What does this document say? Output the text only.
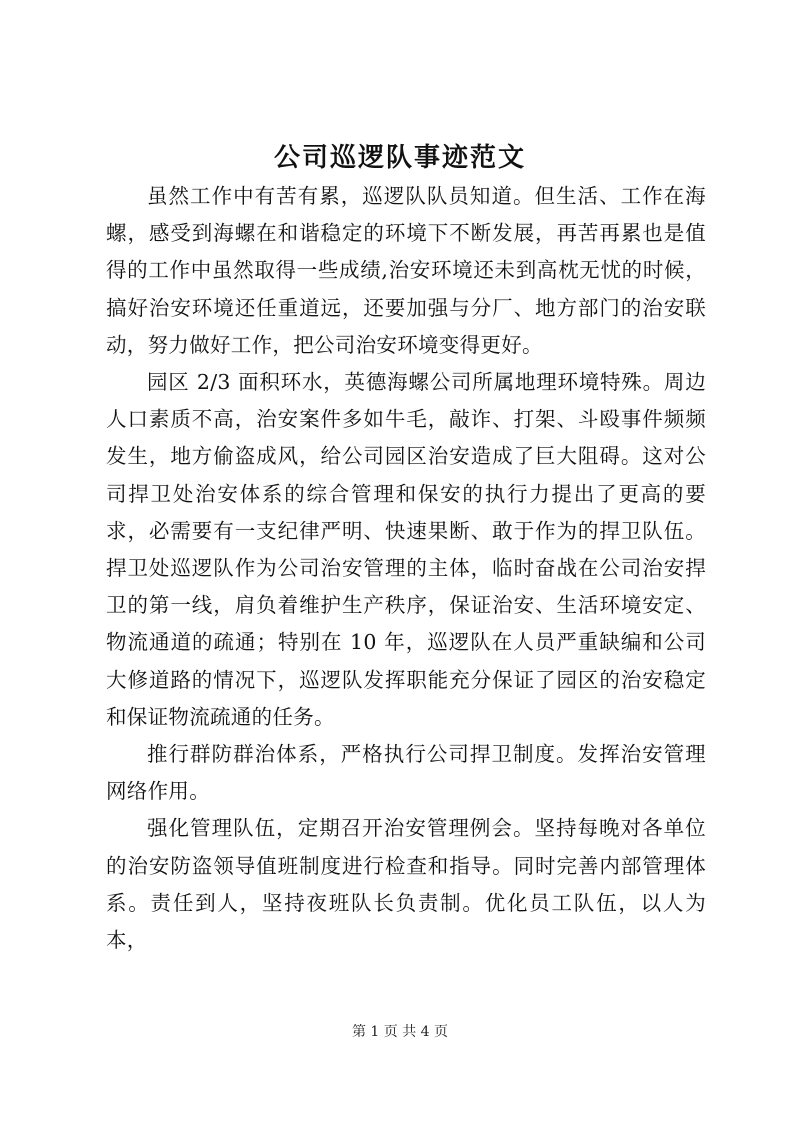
公司巡逻队事迹范文

虽然工作中有苦有累，巡逻队队员知道。但生活、工作在海螺，感受到海螺在和谐稳定的环境下不断发展，再苦再累也是值得的工作中虽然取得一些成绩,治安环境还未到高枕无忧的时候，搞好治安环境还任重道远，还要加强与分厂、地方部门的治安联动，努力做好工作，把公司治安环境变得更好。

园区 2/3 面积环水，英德海螺公司所属地理环境特殊。周边人口素质不高，治安案件多如牛毛，敲诈、打架、斗殴事件频频发生，地方偷盗成风，给公司园区治安造成了巨大阻碍。这对公司捍卫处治安体系的综合管理和保安的执行力提出了更高的要求，必需要有一支纪律严明、快速果断、敢于作为的捍卫队伍。捍卫处巡逻队作为公司治安管理的主体，临时奋战在公司治安捍卫的第一线，肩负着维护生产秩序，保证治安、生活环境安定、物流通道的疏通；特别在 10 年，巡逻队在人员严重缺编和公司大修道路的情况下，巡逻队发挥职能充分保证了园区的治安稳定和保证物流疏通的任务。

推行群防群治体系，严格执行公司捍卫制度。发挥治安管理网络作用。

强化管理队伍，定期召开治安管理例会。坚持每晚对各单位的治安防盗领导值班制度进行检查和指导。同时完善内部管理体系。责任到人，坚持夜班队长负责制。优化员工队伍，以人为本，

第 1 页 共 4 页
